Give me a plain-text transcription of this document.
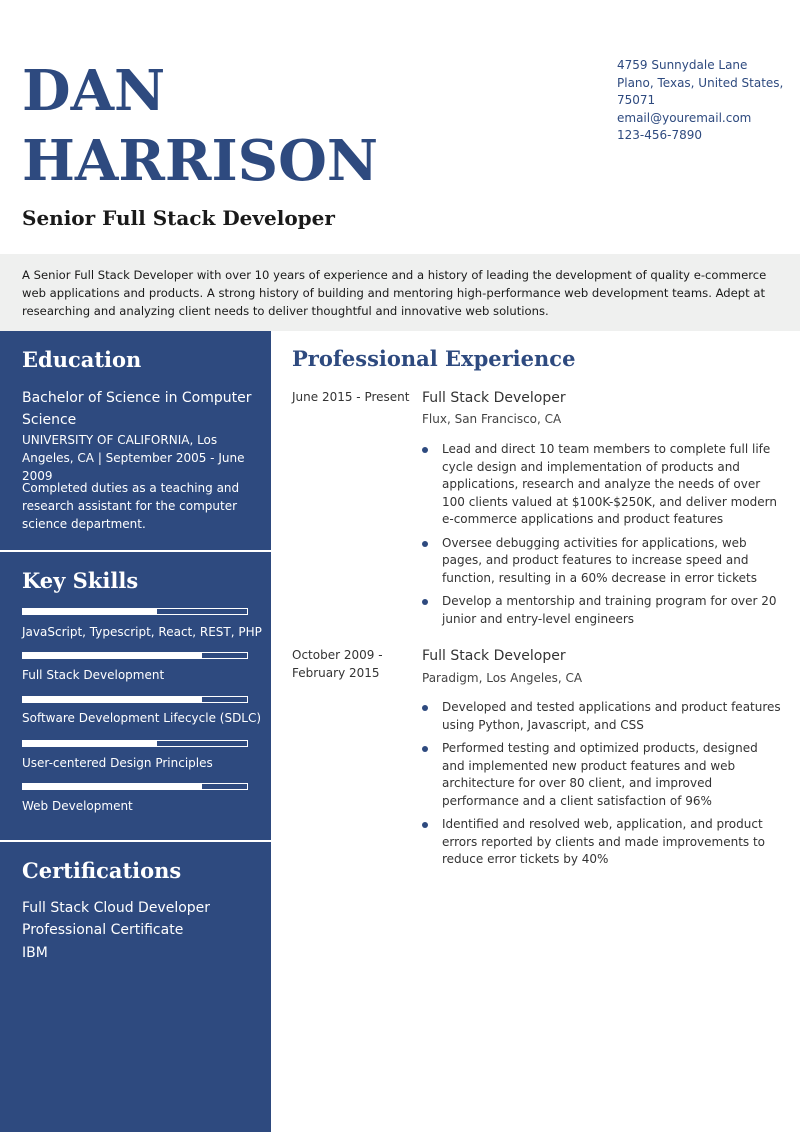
DAN
HARRISON
Senior Full Stack Developer
4759 Sunnydale Lane
Plano, Texas, United States,
75071
email@youremail.com
123-456-7890

A Senior Full Stack Developer with over 10 years of experience and a history of leading the development of quality e-commerce web applications and products. A strong history of building and mentoring high-performance web development teams. Adept at researching and analyzing client needs to deliver thoughtful and innovative web solutions.

Education
Bachelor of Science in Computer Science
UNIVERSITY OF CALIFORNIA, Los Angeles, CA | September 2005 - June 2009
Completed duties as a teaching and research assistant for the computer science department.
Key Skills
JavaScript, Typescript, React, REST, PHP
Full Stack Development
Software Development Lifecycle (SDLC)
User-centered Design Principles
Web Development
Certifications
Full Stack Cloud Developer
Professional Certificate
IBM
Professional Experience
June 2015 - Present Full Stack Developer
Flux, San Francisco, CA
Lead and direct 10 team members to complete full life cycle design and implementation of products and applications, research and analyze the needs of over 100 clients valued at $100K-$250K, and deliver modern e-commerce applications and product features
Oversee debugging activities for applications, web pages, and product features to increase speed and function, resulting in a 60% decrease in error tickets
Develop a mentorship and training program for over 20 junior and entry-level engineers
October 2009 - February 2015
Full Stack Developer
Paradigm, Los Angeles, CA
Developed and tested applications and product features using Python, Javascript, and CSS
Performed testing and optimized products, designed and implemented new product features and web architecture for over 80 client, and improved performance and a client satisfaction of 96%
Identified and resolved web, application, and product errors reported by clients and made improvements to reduce error tickets by 40%
